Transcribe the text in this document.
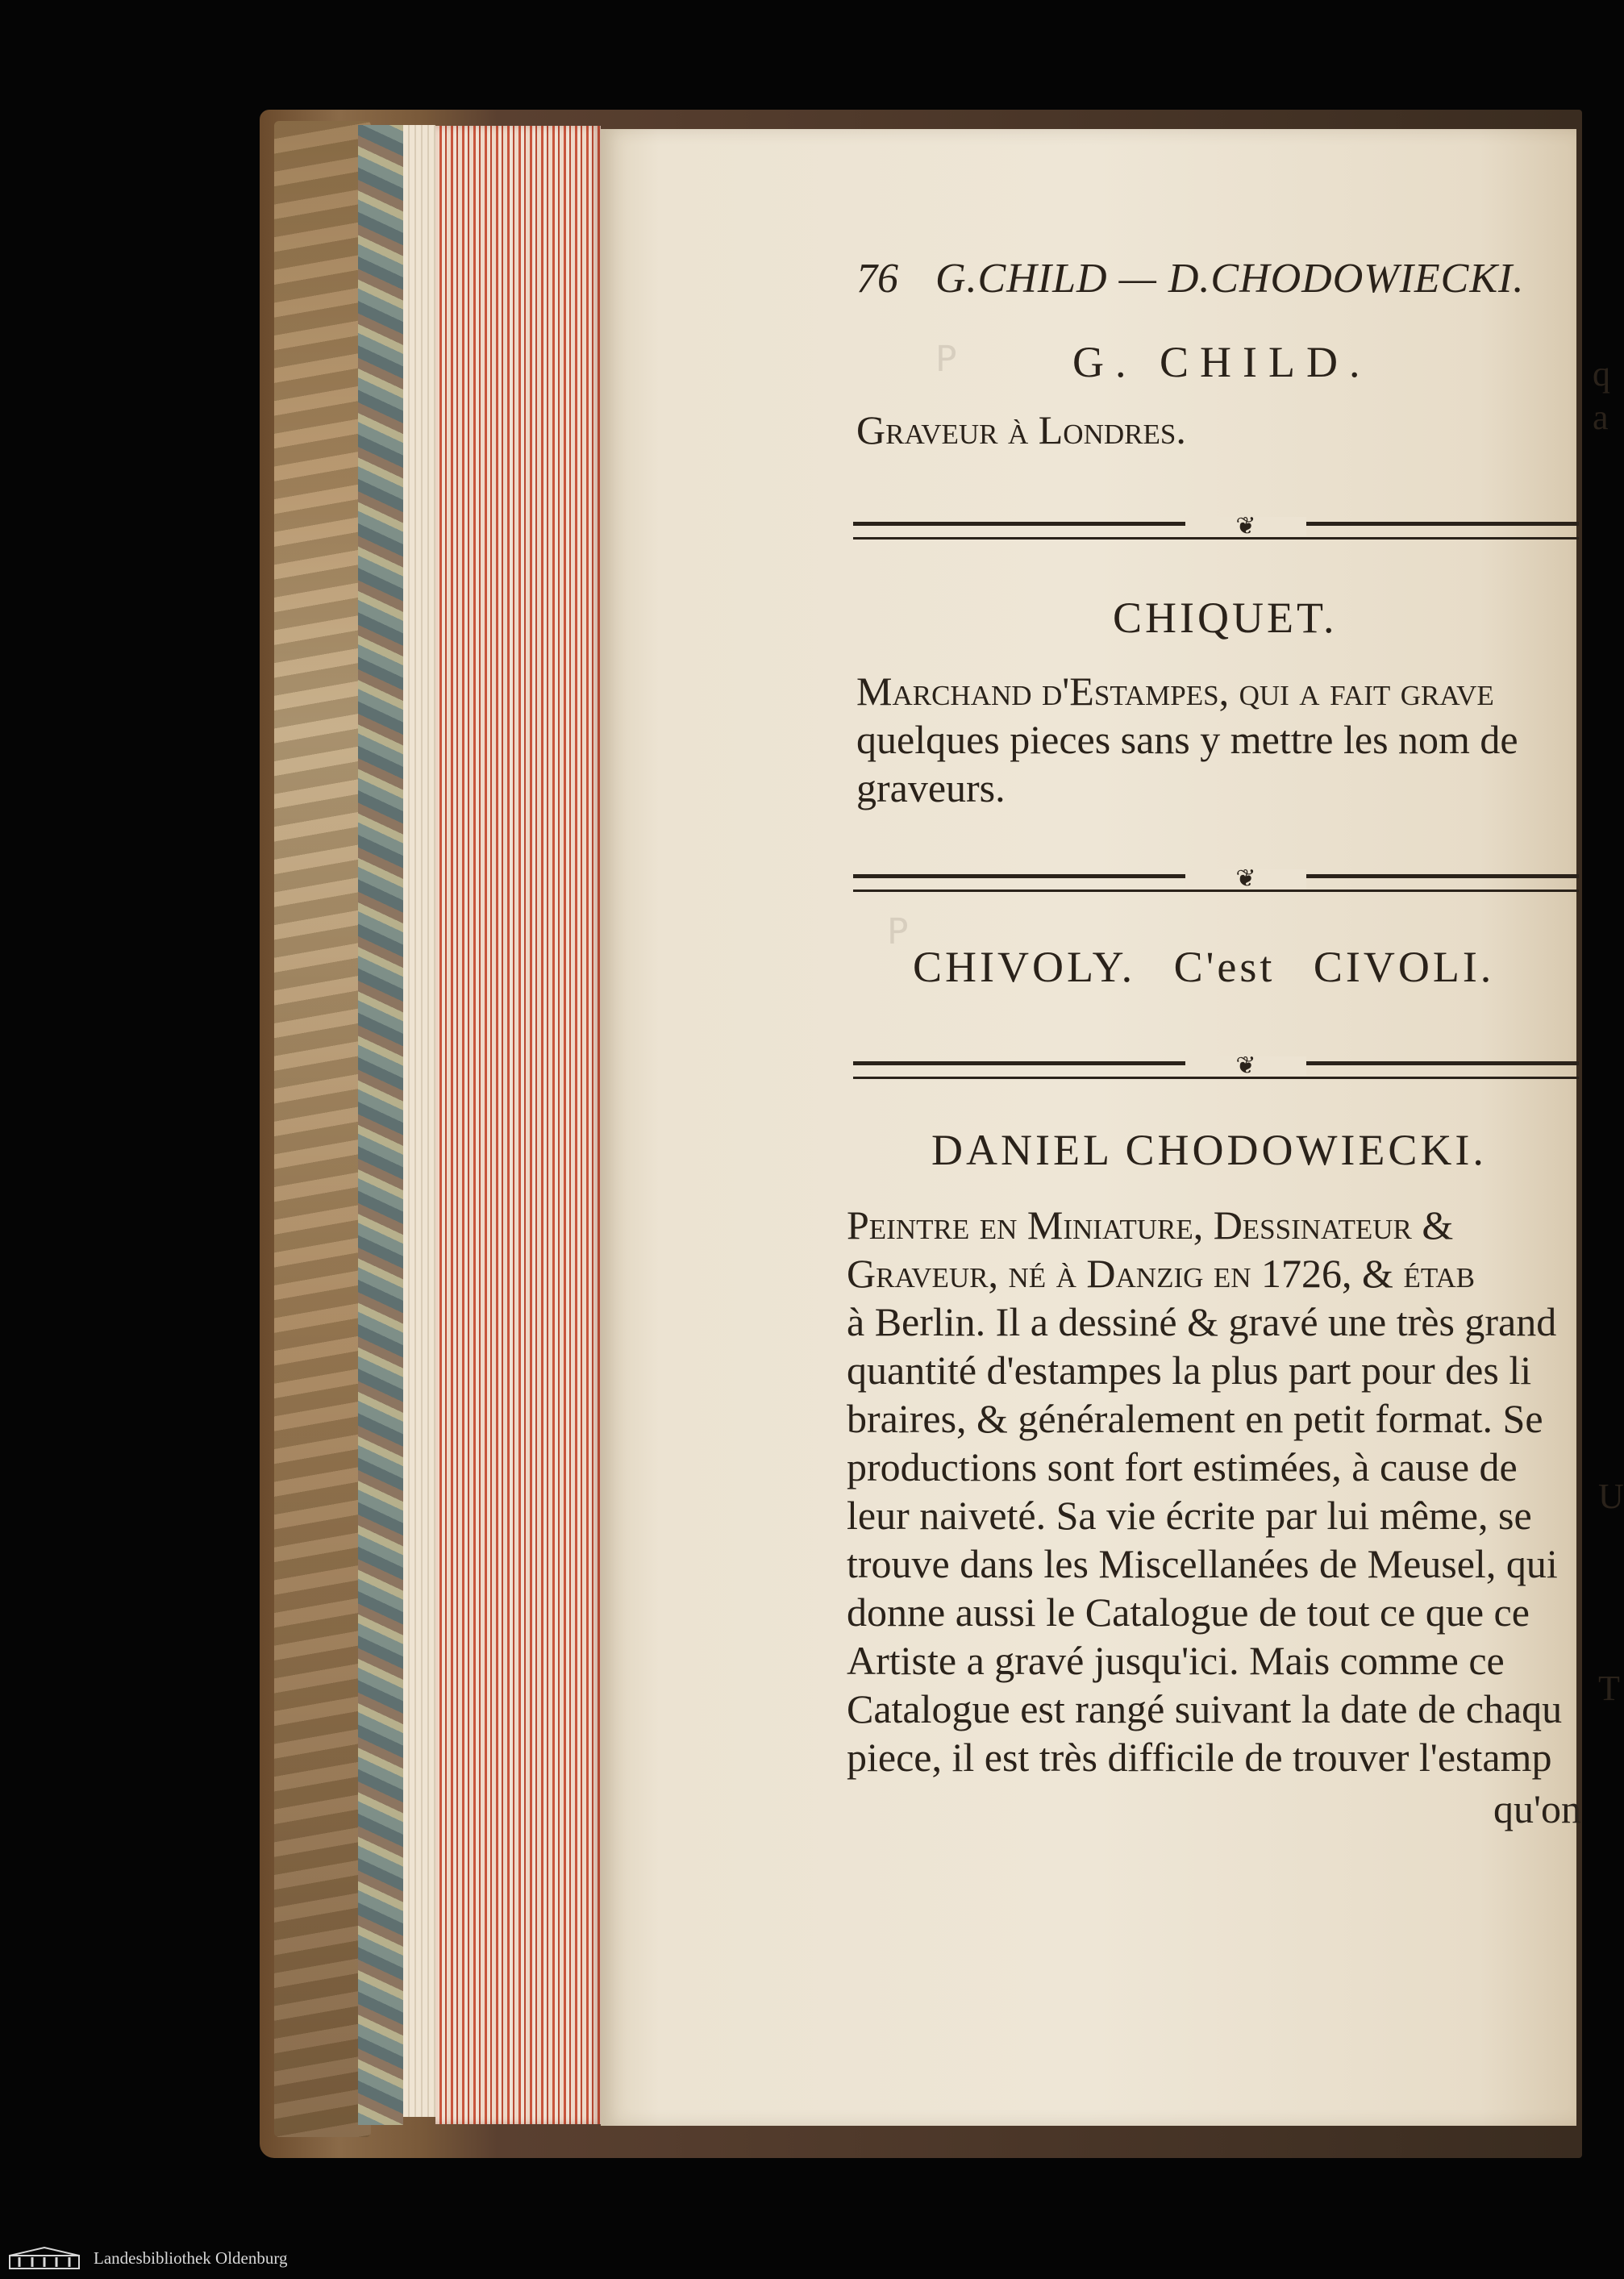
ꟼ
ꟼ
76 G.CHILD — D.CHODOWIECKI.
G. CHILD.
Graveur à Londres.
❦
CHIQUET.
Marchand d'Estampes, qui a fait grave
quelques pieces sans y mettre les nom de
graveurs.
❦
CHIVOLY. C'est CIVOLI.
❦
DANIEL CHODOWIECKI.
Peintre en Miniature, Dessinateur &
Graveur, né à Danzig en 1726, & étab
à Berlin. Il a dessiné & gravé une très grand
quantité d'estampes la plus part pour des li
braires, & généralement en petit format. Se
productions sont fort estimées, à cause de
leur naiveté. Sa vie écrite par lui même, se
trouve dans les Miscellanées de Meusel, qui
donne aussi le Catalogue de tout ce que ce
Artiste a gravé jusqu'ici. Mais comme ce
Catalogue est rangé suivant la date de chaqu
piece, il est très difficile de trouver l'estamp
qu'on
q
a
U
T
Landesbibliothek Oldenburg
